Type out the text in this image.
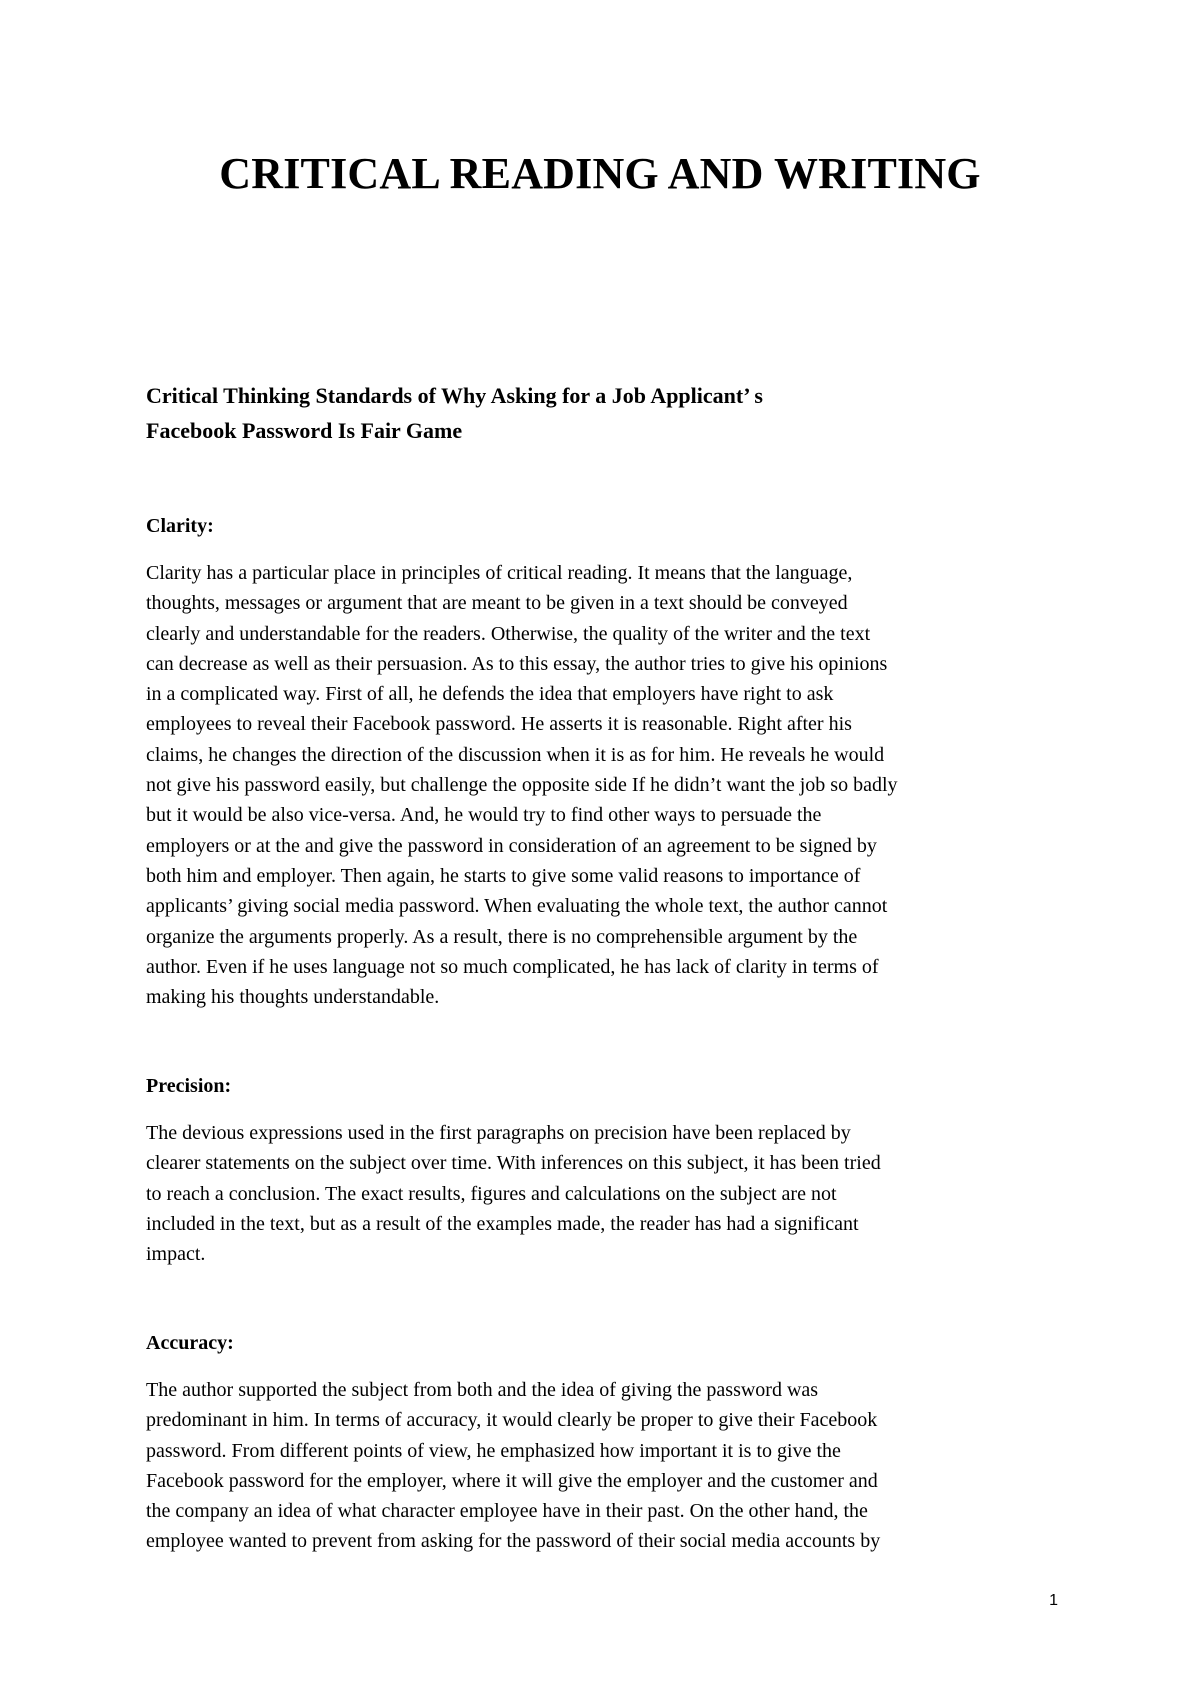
CRITICAL READING AND WRITING
Critical Thinking Standards of Why Asking for a Job Applicant’ s
Facebook Password Is Fair Game

Clarity:

Clarity has a particular place in principles of critical reading. It means that the language,
thoughts, messages or argument that are meant to be given in a text should be conveyed
clearly and understandable for the readers. Otherwise, the quality of the writer and the text
can decrease as well as their persuasion. As to this essay, the author tries to give his opinions
in a complicated way. First of all, he defends the idea that employers have right to ask
employees to reveal their Facebook password. He asserts it is reasonable. Right after his
claims, he changes the direction of the discussion when it is as for him. He reveals he would
not give his password easily, but challenge the opposite side If he didn’t want the job so badly
but it would be also vice-versa. And, he would try to find other ways to persuade the
employers or at the and give the password in consideration of an agreement to be signed by
both him and employer. Then again, he starts to give some valid reasons to importance of
applicants’ giving social media password. When evaluating the whole text, the author cannot
organize the arguments properly. As a result, there is no comprehensible argument by the
author. Even if he uses language not so much complicated, he has lack of clarity in terms of
making his thoughts understandable.

Precision:

The devious expressions used in the first paragraphs on precision have been replaced by
clearer statements on the subject over time. With inferences on this subject, it has been tried
to reach a conclusion. The exact results, figures and calculations on the subject are not
included in the text, but as a result of the examples made, the reader has had a significant
impact.

Accuracy:

The author supported the subject from both and the idea of giving the password was
predominant in him. In terms of accuracy, it would clearly be proper to give their Facebook
password. From different points of view, he emphasized how important it is to give the
Facebook password for the employer, where it will give the employer and the customer and
the company an idea of what character employee have in their past. On the other hand, the
employee wanted to prevent from asking for the password of their social media accounts by
1
